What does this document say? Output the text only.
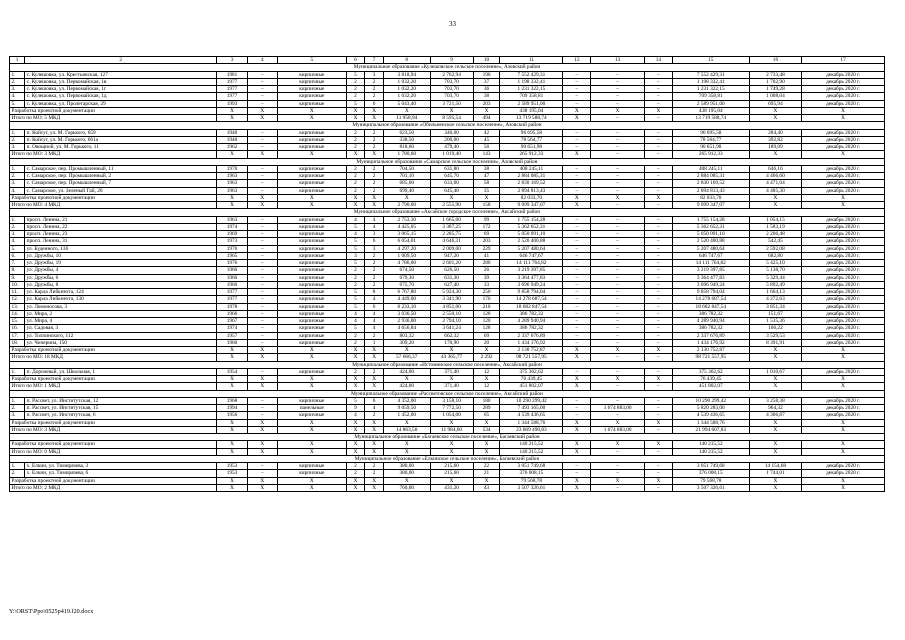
33
1	2	3	4	5	6	7	8	9	10	11	12	13	14	15	16	17
Муниципальное образование «Кулешовское сельское поселение», Азовский район																
1.	с. Кулешовка, ул. Крестьянская, 127	1981	–	кирпичные	5	3	3 818,94	2 762,94	190	7 552 429,31	–	–	–	7 552 429,31	2 733,48	декабрь 2020 г.
2.	с. Кулешовка, ул. Первомайская, 1в	1977	–	кирпичные	2	2	1 032,20	703,70	37	1 198 332,41	–	–	–	1 198 332,41	1 702,90	декабрь 2020 г.
3.	с. Кулешовка, ул. Первомайская, 1г	1977	–	кирпичные	2	2	1 032,20	703,70	36	1 231 322,15	–	–	–	1 231 322,15	1 749,28	декабрь 2020 г.
4.	с. Кулешовка, ул. Первомайская, 1д	1977	–	кирпичные	2	2	1 032,20	703,70	38	709 358,81	–	–	–	709 358,81	1 008,04	декабрь 2020 г.
5.	с. Кулешовка, ул. Пролетарская, 29	1993	–	кирпичные	5	6	5 043,40	3 721,50	203	2 589 951,00	–	–	–	2 589 951,00	695,94	декабрь 2020 г.
Разработка проектной документации		X	X	X	X	X	X	X	X	438 195,04	X	X	X	438 195,04	X	X
Итого по МО: 5 МКД		X	X	X	X	X	11 958,94	8 595,54	494	13 719 588,74	X	–	–	13 719 588,74	X	X
Муниципальное образование «Обильненское сельское поселение», Азовский район																
1.	п. Койсуг, ул. М. Горького, 659	1940	–	кирпичные	2	2	623,50	340,00	42	96 695,58	–	–	–	96 695,58	284,40	декабрь 2020 г.
2.	п. Койсуг, ул. М. Горького, 661а	1940	–	кирпичные	2	2	338,50	200,00	45	78 564,77	–	–	–	78 564,77	392,82	декабрь 2020 г.
3.	п. Овощной, ул. М. Горького, 11	1962	–	кирпичные	2	2	818,60	479,40	56	90 651,98	–	–	–	90 651,98	189,09	декабрь 2020 г.
Итого по МО: 3 МКД		X	X	X	X	X	1 780,60	1 019,40	143	265 912,33	X	–	–	265 912,33	X	X
Муниципальное образование «Самарское сельское поселение», Азовский район																
1.	с. Самарское, пер. Промышленный, 11	1970	–	кирпичные	2	2	704,50	631,80	38	408 245,11	–	–	–	408 245,11	646,16	декабрь 2020 г.
2.	с. Самарское, пер. Промышленный, 2	1963	–	кирпичные	2	2	701,10	645,70	47	2 884 085,31	–	–	–	2 884 085,31	4 466,60	декабрь 2020 г.
3.	с. Самарское, пер. Промышленный, 7	1963	–	кирпичные	2	2	685,00	633,00	58	2 830 169,52	–	–	–	2 830 169,52	4 471,04	декабрь 2020 г.
4.	с. Самарское, ул. Зеленый Гай, 20	1963	–	кирпичные	2	2	699,40	645,40	35	2 894 813,43	–	–	–	2 894 813,43	4 485,30	декабрь 2020 г.
Разработка проектной документации		X	X	X	X	X	X	X	X	82 033,70	X	X	X	82 033,70	X	X
Итого по МО: 4 МКД		X	X	X	X	X	2 790,00	2 555,90	158	9 099 347,07	X	–	–	9 099 347,07	X	X
Муниципальное образование «Аксайское городское поселение», Аксайский район																
1.	просп. Ленина, 21	1963	–	кирпичные	4	4	2 753,30	1 665,00	99	1 755 154,28	–	–	–	1 755 154,28	1 054,15	декабрь 2020 г.
2.	просп. Ленина, 22	1974	–	кирпичные	5	4	4 425,05	3 387,25	172	5 362 652,31	–	–	–	5 362 652,31	1 583,19	декабрь 2020 г.
3.	просп. Ленина, 23	1969	–	кирпичные	4	3	3 065,15	2 285,75	69	5 050 091,10	–	–	–	5 050 091,10	2 206,48	декабрь 2020 г.
4.	просп. Ленина, 31	1973	–	кирпичные	5	6	6 054,01	4 646,31	203	2 520 400,88	–	–	–	2 520 400,88	542,45	декабрь 2020 г.
5.	ул. Буденного, 136	1976	–	кирпичные	5	3	4 297,20	2 009,00	229	5 207 480,64	–	–	–	5 207 480,64	2 592,08	декабрь 2020 г.
6.	ул. Дружбы, 10	1965	–	кирпичные	3	2	1 009,50	947,20	41	646 747,67	–	–	–	646 747,67	682,80	декабрь 2020 г.
7.	ул. Дружбы, 19	1976	–	кирпичные	5	2	4 786,00	2 601,20	280	14 111 764,82	–	–	–	14 111 764,82	5 425,10	декабрь 2020 г.
8.	ул. Дружбы, 4	1960	–	кирпичные	2	2	674,50	626,50	26	3 219 397,85	–	–	–	3 219 397,85	5 138,70	декабрь 2020 г.
9.	ул. Дружбы, 6	1960	–	кирпичные	2	2	679,30	631,30	39	3 364 477,83	–	–	–	3 364 477,83	5 329,44	декабрь 2020 г.
10.	ул. Дружбы, 8	1960	–	кирпичные	2	2	675,70	627,40	33	3 696 949,24	–	–	–	3 696 949,24	5 892,49	декабрь 2020 г.
11.	ул. Карла Либкнехта, 124	1977	–	кирпичные	5	8	6 767,80	5 924,30	250	9 858 794,04	–	–	–	9 858 794,04	1 664,13	декабрь 2020 г.
12.	ул. Карла Либкнехта, 130	1977	–	кирпичные	5	4	4 449,00	3 341,90	176	14 278 687,54	–	–	–	14 278 687,54	4 272,63	декабрь 2020 г.
13.	ул. Ломоносова, 3	1978	–	кирпичные	5	6	6 233,10	4 851,00	210	18 682 847,54	–	–	–	18 682 847,54	3 851,34	декабрь 2020 г.
14.	ул. Мира, 2	1966	–	кирпичные	4	4	3 036,50	2 550,10	128	386 782,32	–	–	–	386 782,32	151,67	декабрь 2020 г.
15.	ул. Мира, 4	1967	–	кирпичные	4	4	2 936,00	2 794,10	120	4 289 940,94	–	–	–	4 289 940,94	1 535,36	декабрь 2020 г.
16.	ул. Садовая, 3	1974	–	кирпичные	5	4	4 656,84	3 641,24	128	386 782,32	–	–	–	386 782,32	106,22	декабрь 2020 г.
17.	ул. Толпинского, 112	1957	–	кирпичные	2	2	803,32	662,32	69	2 337 676,89	–	–	–	2 337 676,89	3 529,53	декабрь 2020 г.
18.	ул. Чичерина, 150	1960	–	кирпичные	2	1	309,20	170,90	20	1 434 176,92	–	–	–	1 434 176,92	8 391,91	декабрь 2020 г.
Разработка проектной документации		X	X	X	X	X	X	X	X	2 130 752,87	X	X	X	2 130 752,87	X	X
Итого по МО: 18 МКД		X	X	X	X	X	57 666,37	43 365,77	2 292	98 721 557,95	X	–	–	98 721 557,95	X	X
Муниципальное образование «Истоминское сельское поселение», Аксайский район																
1.	п. Дорожный, ул. Школьная, 1	1954	–	кирпичные	2	2	424,00	371,40	12	375 362,62	–	–	–	375 362,62	1 010,67	декабрь 2020 г.
Разработка проектной документации		X	X	X	X	X	X	X	X	76 439,45	X	X	X	76 439,45	X	X
Итого по МО: 1 МКД		X	X	X	X	X	424,00	371,40	12	451 802,07	X	–	–	451 802,07	X	X
Муниципальное образование «Рассветовское сельское поселение», Аксайский район																
1.	п. Рассвет, ул. Институтская, 12	1968	–	кирпичные	5	6	4 352,00	3 158,10	180	10 290 299,42	–	–	–	10 290 299,42	3 258,38	декабрь 2020 г.
2.	п. Рассвет, ул. Институтская, 15	1994	–	панельные	9	4	9 059,50	7 772,50	289	7 493 165,00	–	1 674 883,00	–	5 820 283,00	964,32	декабрь 2020 г.
3.	п. Рассвет, ул. Институтская, 6	1956	–	кирпичные	4	2	1 452,00	1 054,00	65	4 539 436,65	–	–	–	4 539 436,65	4 306,87	декабрь 2020 г.
Разработка проектной документации		X	X	X	X	X	X	X	X	1 344 588,76	X	X	X	1 344 588,76	X	X
Итого по МО: 3 МКД		X	X	X	X	X	14 863,50	11 984,60	534	23 669 490,83	X	1 674 883,00	–	21 994 607,83	X	X
Муниципальное образование «Багаевское сельское поселение», Багаевский район																
Разработка проектной документации		X	X	X	X	X	X	X	X	140 215,52	X	X	X	140 215,52	X	X
Итого по МО: 0 МКД		X	X	X	X	X	X	X	X	140 215,52	X	–	–	140 215,52	X	X
Муниципальное образование «Елкинское сельское поселение», Багаевский район																
1.	х. Елкин, ул. Тимирязева, 3	1953	–	кирпичные	2	2	380,00	215,60	22	3 051 749,68	–	–	–	3 051 749,68	14 154,68	декабрь 2020 г.
2.	х. Елкин, ул. Тимирязева, 6	1953	–	кирпичные	2	2	380,00	215,60	21	376 008,15	–	–	–	376 008,15	1 744,01	декабрь 2020 г.
Разработка проектной документации		X	X	X	X	X	X	X	X	79 568,78	X	X	X	79 568,78	X	X
Итого по МО: 2 МКД		X	X	X	X	X	760,00	431,20	43	3 507 326,61	X	–	–	3 507 326,61	X	X
Y:\ORST\Ppo\0525p419.f20.docx
